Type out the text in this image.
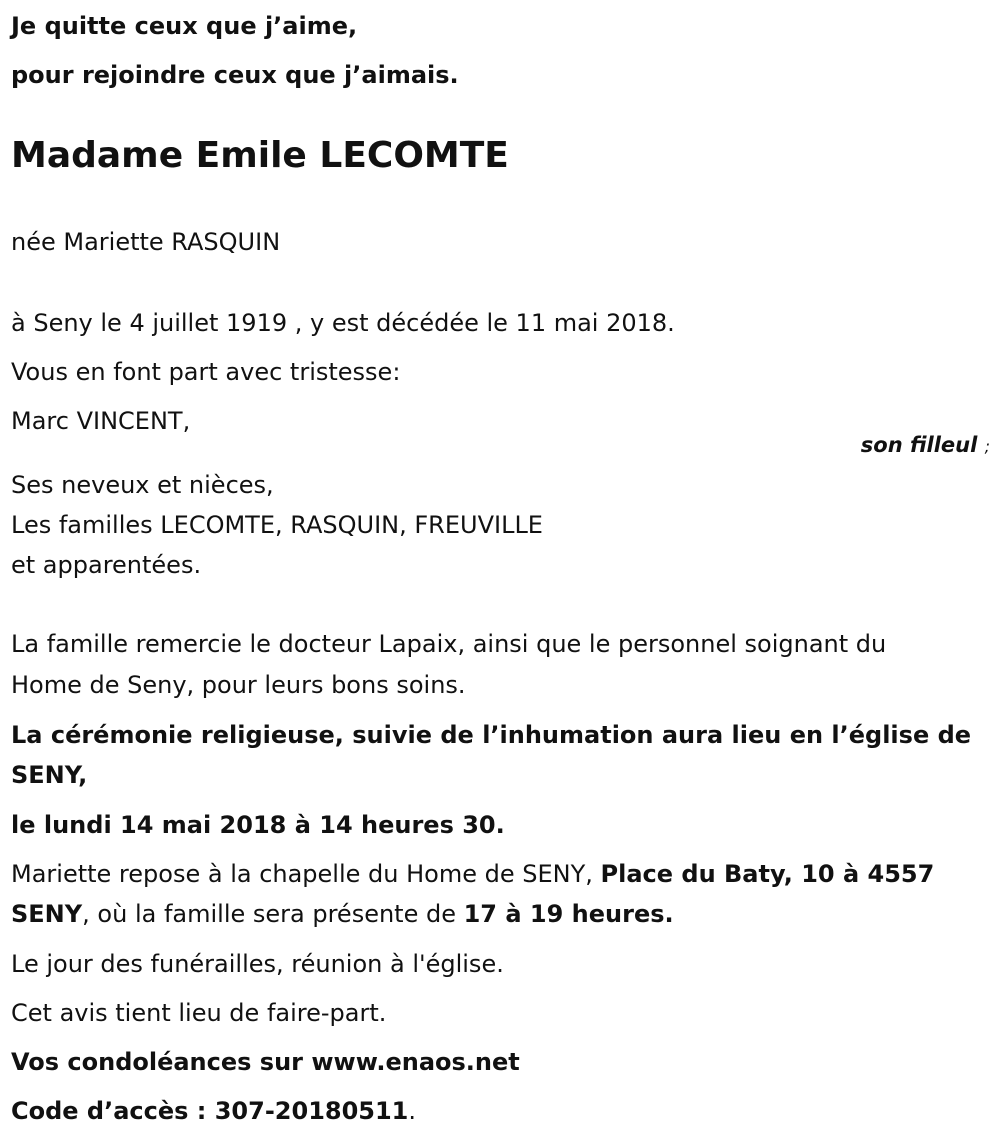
Je quitte ceux que j’aime,

pour rejoindre ceux que j’aimais.

Madame Emile LECOMTE

née Mariette RASQUIN

à Seny le 4 juillet 1919 , y est décédée le 11 mai 2018.

Vous en font part avec tristesse:

Marc VINCENT,

son filleul ;

Ses neveux et nièces,

Les familles LECOMTE, RASQUIN, FREUVILLE

et apparentées.

La famille remercie le docteur Lapaix, ainsi que le personnel soignant du

Home de Seny, pour leurs bons soins.

La cérémonie religieuse, suivie de l’inhumation aura lieu en l’église de

SENY,

le lundi 14 mai 2018 à 14 heures 30.

Mariette repose à la chapelle du Home de SENY, Place du Baty, 10 à 4557

SENY, où la famille sera présente de 17 à 19 heures.

Le jour des funérailles, réunion à l'église.

Cet avis tient lieu de faire-part.

Vos condoléances sur www.enaos.net

Code d’accès : 307-20180511.
